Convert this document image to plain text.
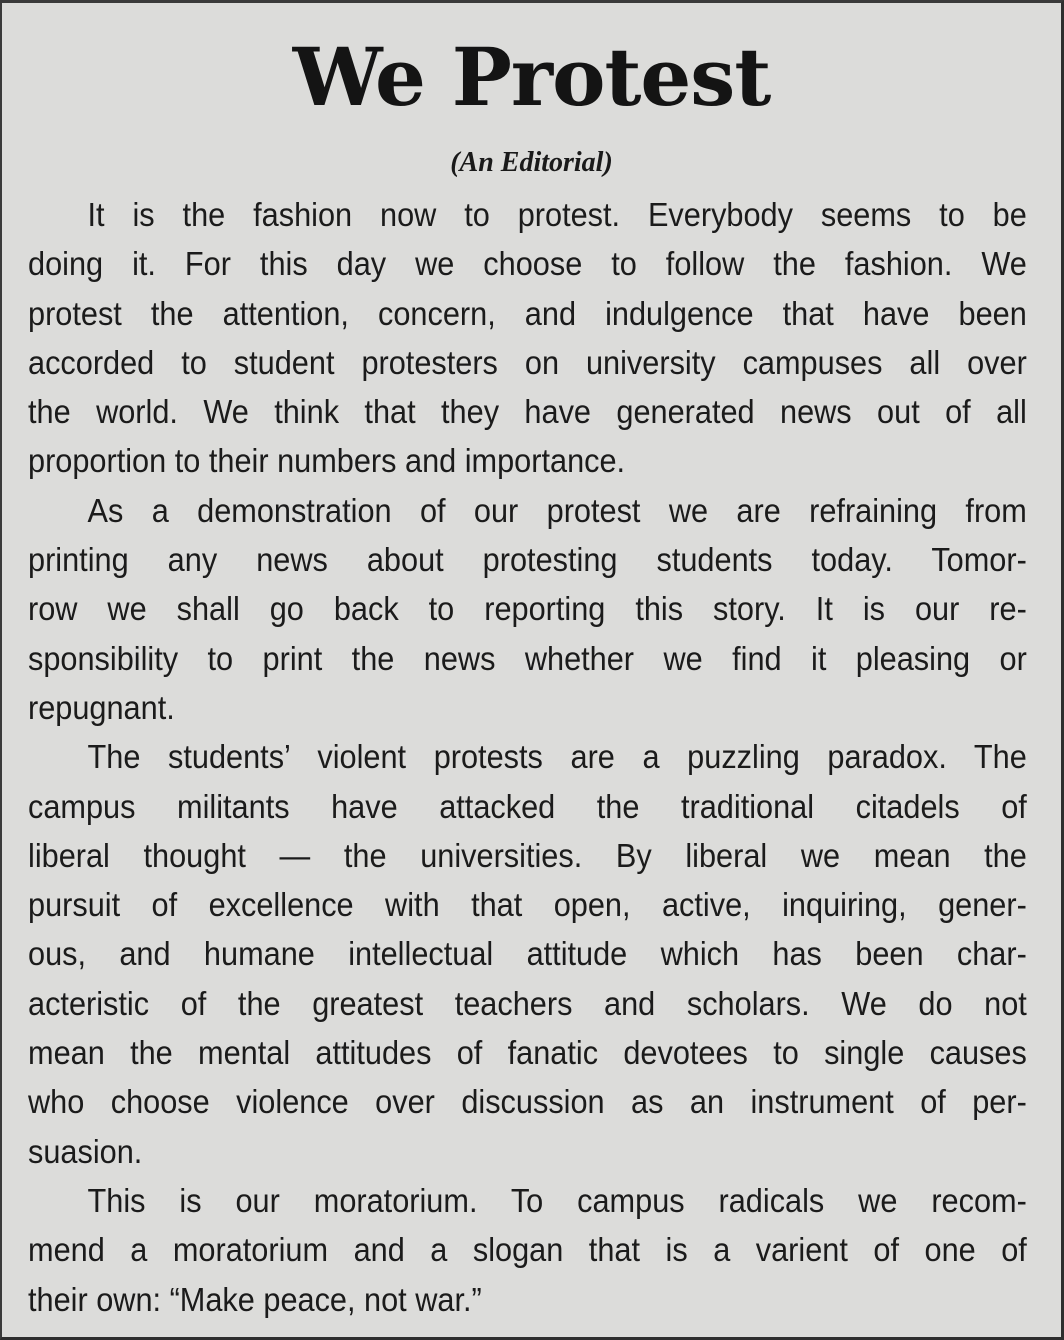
We Protest
(An Editorial)

It is the fashion now to protest. Everybody seems to be
doing it. For this day we choose to follow the fashion. We
protest the attention, concern, and indulgence that have been
accorded to student protesters on university campuses all over
the world. We think that they have generated news out of all
proportion to their numbers and importance.

As a demonstration of our protest we are refraining from
printing any news about protesting students today. Tomor-
row we shall go back to reporting this story. It is our re-
sponsibility to print the news whether we find it pleasing or
repugnant.

The students’ violent protests are a puzzling paradox. The
campus militants have attacked the traditional citadels of
liberal thought — the universities. By liberal we mean the
pursuit of excellence with that open, active, inquiring, gener-
ous, and humane intellectual attitude which has been char-
acteristic of the greatest teachers and scholars. We do not
mean the mental attitudes of fanatic devotees to single causes
who choose violence over discussion as an instrument of per-
suasion.

This is our moratorium. To campus radicals we recom-
mend a moratorium and a slogan that is a varient of one of
their own: “Make peace, not war.”
